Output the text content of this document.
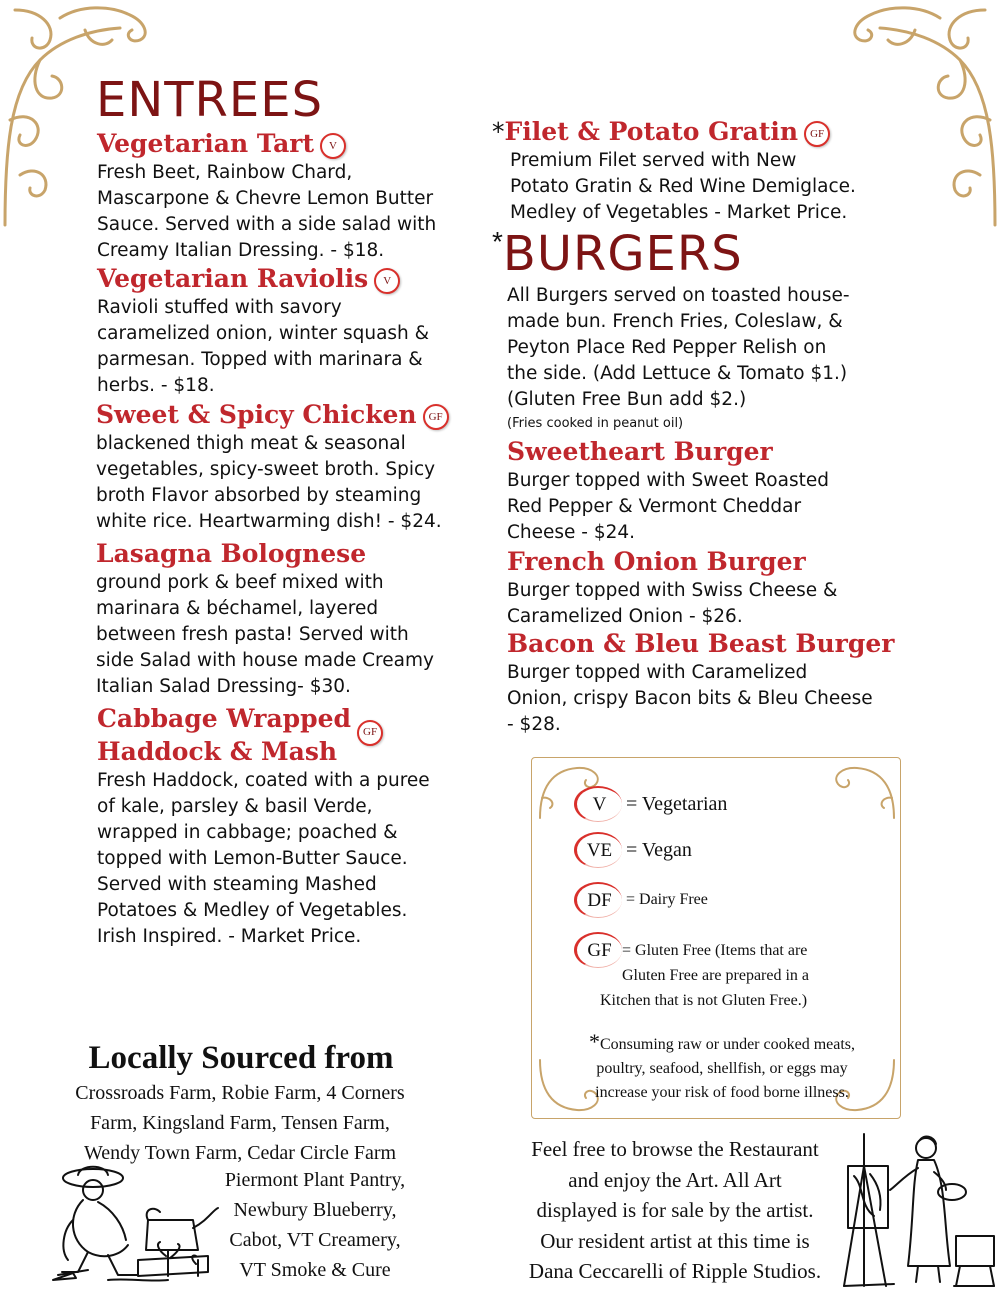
ENTREES
Vegetarian Tart V
Fresh Beet, Rainbow Chard,
Mascarpone & Chevre Lemon Butter
Sauce. Served with a side salad with
Creamy Italian Dressing. - $18.
Vegetarian Raviolis V
Ravioli stuffed with savory
caramelized onion, winter squash &
parmesan. Topped with marinara &
herbs. - $18.
Sweet & Spicy Chicken GF
blackened thigh meat & seasonal
vegetables, spicy-sweet broth. Spicy
broth Flavor absorbed by steaming
white rice. Heartwarming dish! - $24.
Lasagna Bolognese
ground pork & beef mixed with
marinara & béchamel, layered
between fresh pasta! Served with
side Salad with house made Creamy
Italian Salad Dressing- $30.
Cabbage Wrapped GF
Haddock & Mash
Fresh Haddock, coated with a puree
of kale, parsley & basil Verde,
wrapped in cabbage; poached &
topped with Lemon-Butter Sauce.
Served with steaming Mashed
Potatoes & Medley of Vegetables.
Irish Inspired. - Market Price.
*Filet & Potato Gratin GF
Premium Filet served with New
Potato Gratin & Red Wine Demiglace.
Medley of Vegetables - Market Price.
*BURGERS
All Burgers served on toasted house-
made bun. French Fries, Coleslaw, &
Peyton Place Red Pepper Relish on
the side. (Add Lettuce & Tomato $1.)
(Gluten Free Bun add $2.)
(Fries cooked in peanut oil)
Sweetheart Burger
Burger topped with Sweet Roasted
Red Pepper & Vermont Cheddar
Cheese - $24.
French Onion Burger
Burger topped with Swiss Cheese &
Caramelized Onion - $26.
Bacon & Bleu Beast Burger
Burger topped with Caramelized
Onion, crispy Bacon bits & Bleu Cheese
- $28.
V = Vegetarian
VE = Vegan
DF = Dairy Free
GF = Gluten Free (Items that are
Gluten Free are prepared in a
Kitchen that is not Gluten Free.)
*Consuming raw or under cooked meats,
poultry, seafood, shellfish, or eggs may
increase your risk of food borne illness.
Locally Sourced from
Crossroads Farm, Robie Farm, 4 Corners
Farm, Kingsland Farm, Tensen Farm,
Wendy Town Farm, Cedar Circle Farm
Piermont Plant Pantry,
Newbury Blueberry,
Cabot, VT Creamery,
VT Smoke & Cure
Feel free to browse the Restaurant
and enjoy the Art. All Art
displayed is for sale by the artist.
Our resident artist at this time is
Dana Ceccarelli of Ripple Studios.
